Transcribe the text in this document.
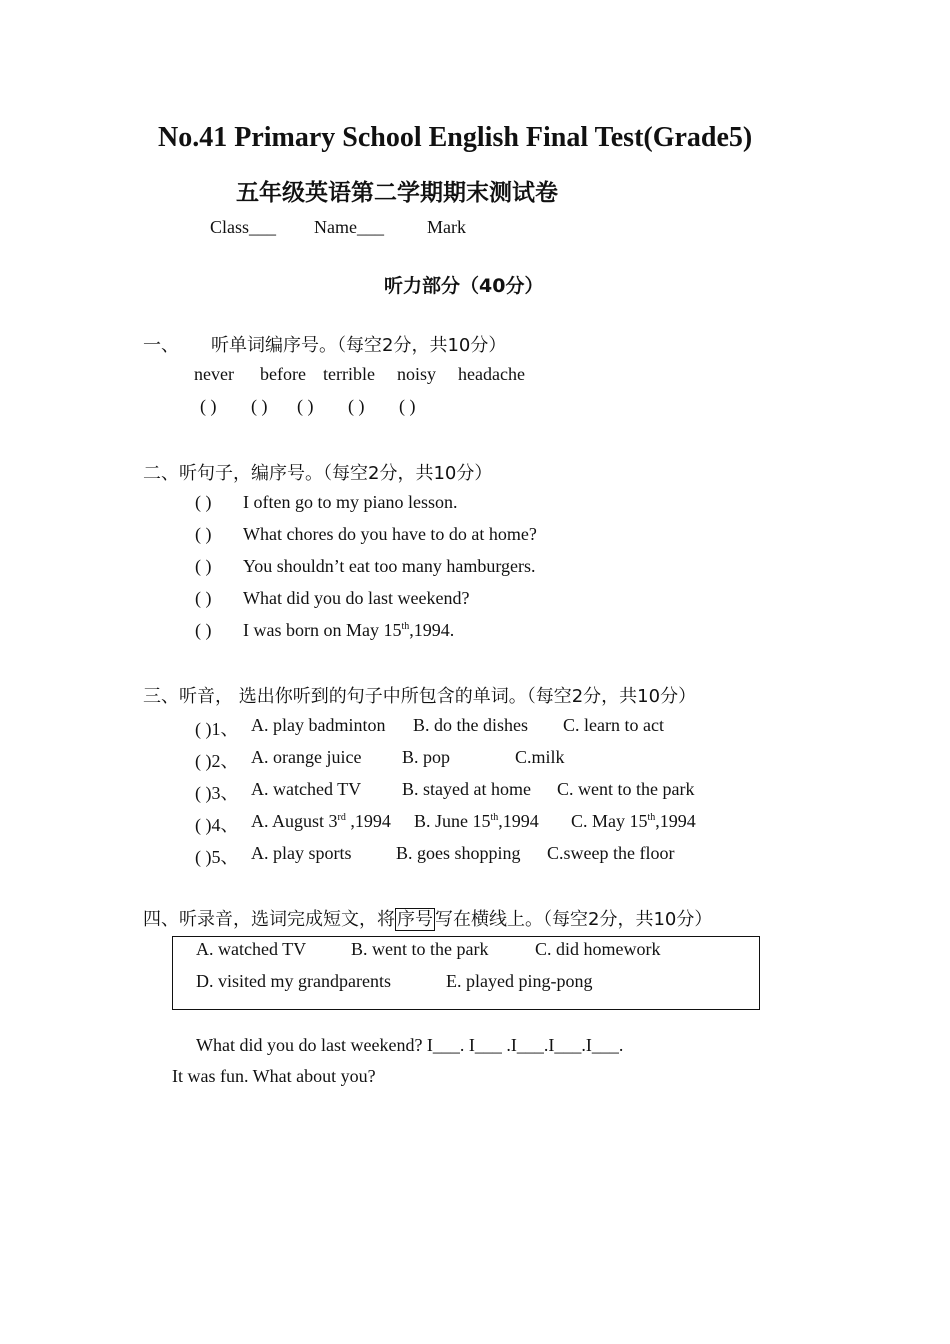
No.41 Primary School English Final Test(Grade5)
五年级英语第二学期期末测试卷
Class___ Name___ Mark
听力部分（40分）
一、 听单词编序号。（每空2分，共10分）
never before terrible noisy headache
( ) ( ) ( ) ( ) ( )
二、听句子，编序号。（每空2分，共10分）
( ) I often go to my piano lesson.
( ) What chores do you have to do at home?
( ) You shouldn’t eat too many hamburgers.
( ) What did you do last weekend?
( ) I was born on May 15th,1994.
三、听音， 选出你听到的句子中所包含的单词。（每空2分，共10分）
( )1、 A. play badminton B. do the dishes C. learn to act
( )2、 A. orange juice B. pop	C.milk
( )3、 A. watched TV B. stayed at home C. went to the park
( )4、 A. August 3rd ,1994 B. June 15th,1994 C. May 15th,1994
( )5、 A. play sports B. goes shopping C.sweep the floor
四、听录音，选词完成短文，将 序号 写在横线上。（每空2分，共10分）
A. watched TV B. went to the park	C. did homework
D. visited my grandparents	E. played ping-pong
What did you do last weekend? I___. I___ .I___.I___.I___.
It was fun. What about you?
